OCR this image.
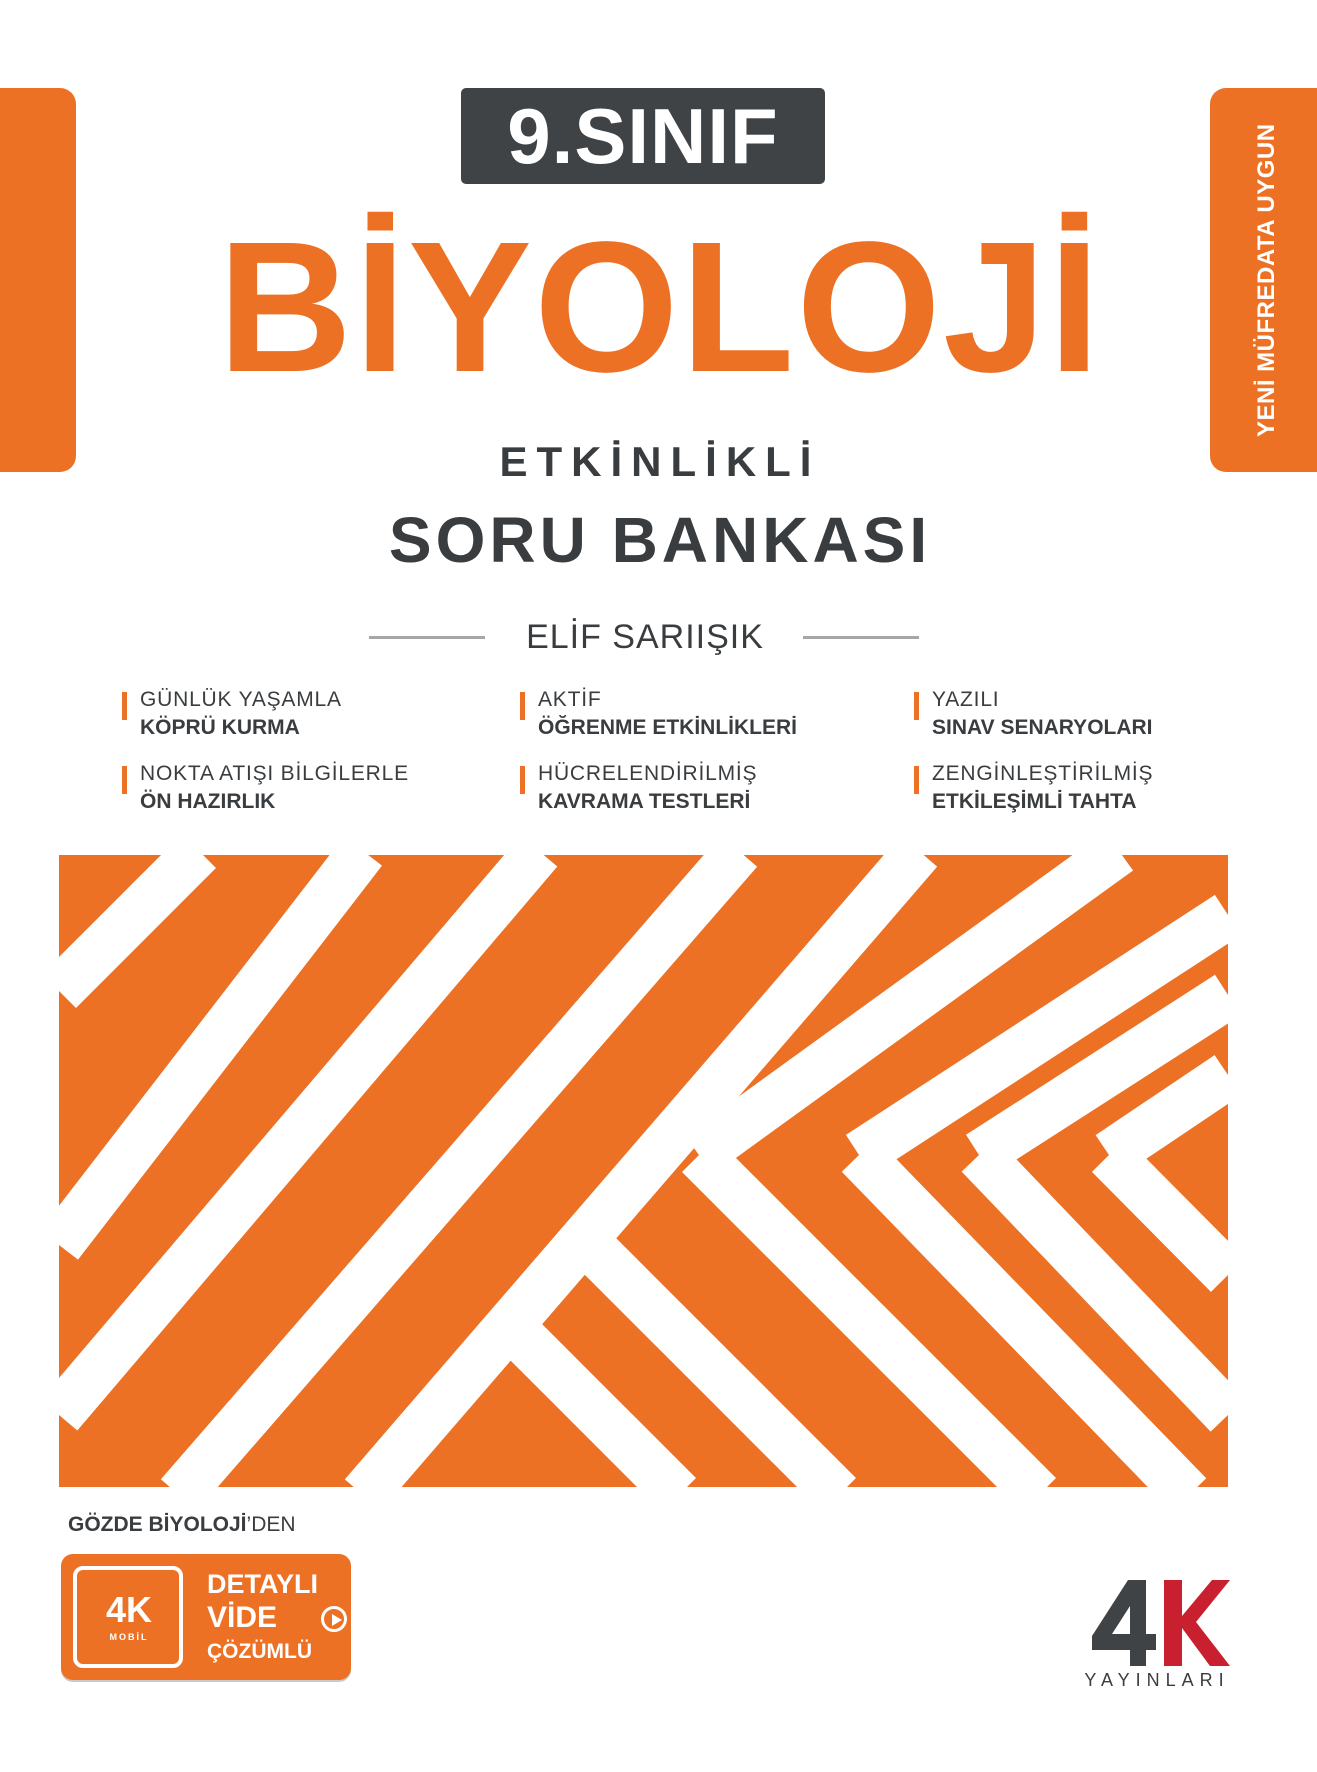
YENİ MÜFREDATA UYGUN
9.SINIF
BİYOLOJİ
ETKİNLİKLİ
SORU BANKASI
ELİF SARIIŞIK
GÜNLÜK YAŞAMLA
KÖPRÜ KURMA
AKTİF
ÖĞRENME ETKİNLİKLERİ
YAZILI
SINAV SENARYOLARI
NOKTA ATIŞI BİLGİLERLE
ÖN HAZIRLIK
HÜCRELENDİRİLMİŞ
KAVRAMA TESTLERİ
ZENGİNLEŞTİRİLMİŞ
ETKİLEŞİMLİ TAHTA
GÖZDE BİYOLOJİ’DEN
4K
MOBİL
DETAYLI
VİDE
ÇÖZÜMLÜ
YAYINLARI
